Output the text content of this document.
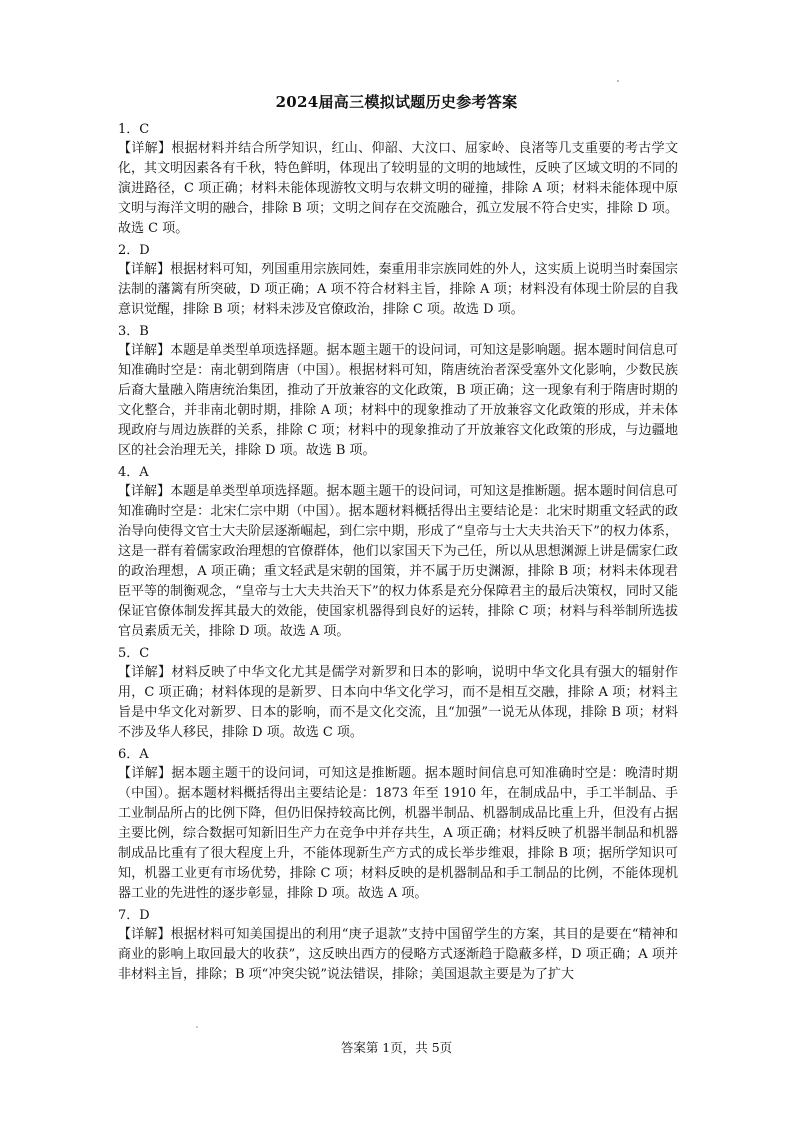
2024届高三模拟试题历史参考答案
1．C
【详解】根据材料并结合所学知识，红山、仰韶、大汶口、屈家岭、良渚等几支重要的考古学文化，其文明因素各有千秋，特色鲜明，体现出了较明显的文明的地域性，反映了区域文明的不同的演进路径，C 项正确；材料未能体现游牧文明与农耕文明的碰撞，排除 A 项；材料未能体现中原文明与海洋文明的融合，排除 B 项；文明之间存在交流融合，孤立发展不符合史实，排除 D 项。故选 C 项。
2．D
【详解】根据材料可知，列国重用宗族同姓，秦重用非宗族同姓的外人，这实质上说明当时秦国宗法制的藩篱有所突破，D 项正确；A 项不符合材料主旨，排除 A 项；材料没有体现士阶层的自我意识觉醒，排除 B 项；材料未涉及官僚政治，排除 C 项。故选 D 项。
3．B
【详解】本题是单类型单项选择题。据本题主题干的设问词，可知这是影响题。据本题时间信息可知准确时空是：南北朝到隋唐（中国）。根据材料可知，隋唐统治者深受塞外文化影响，少数民族后裔大量融入隋唐统治集团，推动了开放兼容的文化政策，B 项正确；这一现象有利于隋唐时期的文化整合，并非南北朝时期，排除 A 项；材料中的现象推动了开放兼容文化政策的形成，并未体现政府与周边族群的关系，排除 C 项；材料中的现象推动了开放兼容文化政策的形成，与边疆地区的社会治理无关，排除 D 项。故选 B 项。
4．A
【详解】本题是单类型单项选择题。据本题主题干的设问词，可知这是推断题。据本题时间信息可知准确时空是：北宋仁宗中期（中国）。据本题材料概括得出主要结论是：北宋时期重文轻武的政治导向使得文官士大夫阶层逐渐崛起，到仁宗中期，形成了“皇帝与士大夫共治天下”的权力体系，这是一群有着儒家政治理想的官僚群体，他们以家国天下为己任，所以从思想渊源上讲是儒家仁政的政治理想，A 项正确；重文轻武是宋朝的国策，并不属于历史渊源，排除 B 项；材料未体现君臣平等的制衡观念，“皇帝与士大夫共治天下”的权力体系是充分保障君主的最后决策权，同时又能保证官僚体制发挥其最大的效能，使国家机器得到良好的运转，排除 C 项；材料与科举制所选拔官员素质无关，排除 D 项。故选 A 项。
5．C
【详解】材料反映了中华文化尤其是儒学对新罗和日本的影响，说明中华文化具有强大的辐射作用，C 项正确；材料体现的是新罗、日本向中华文化学习，而不是相互交融，排除 A 项；材料主旨是中华文化对新罗、日本的影响，而不是文化交流，且“加强”一说无从体现，排除 B 项；材料不涉及华人移民，排除 D 项。故选 C 项。
6．A
【详解】据本题主题干的设问词，可知这是推断题。据本题时间信息可知准确时空是：晚清时期（中国）。据本题材料概括得出主要结论是：1873 年至 1910 年，在制成品中，手工半制品、手工业制品所占的比例下降，但仍旧保持较高比例，机器半制品、机器制成品比重上升，但没有占据主要比例，综合数据可知新旧生产力在竞争中并存共生，A 项正确；材料反映了机器半制品和机器制成品比重有了很大程度上升，不能体现新生产方式的成长举步维艰，排除 B 项；据所学知识可知，机器工业更有市场优势，排除 C 项；材料反映的是机器制品和手工制品的比例，不能体现机器工业的先进性的逐步彰显，排除 D 项。故选 A 项。
7．D
【详解】根据材料可知美国提出的利用“庚子退款”支持中国留学生的方案，其目的是要在“精神和商业的影响上取回最大的收获”，这反映出西方的侵略方式逐渐趋于隐蔽多样，D 项正确；A 项并非材料主旨，排除；B 项“冲突尖锐”说法错误，排除；美国退款主要是为了扩大
答案第 1页，共 5页
